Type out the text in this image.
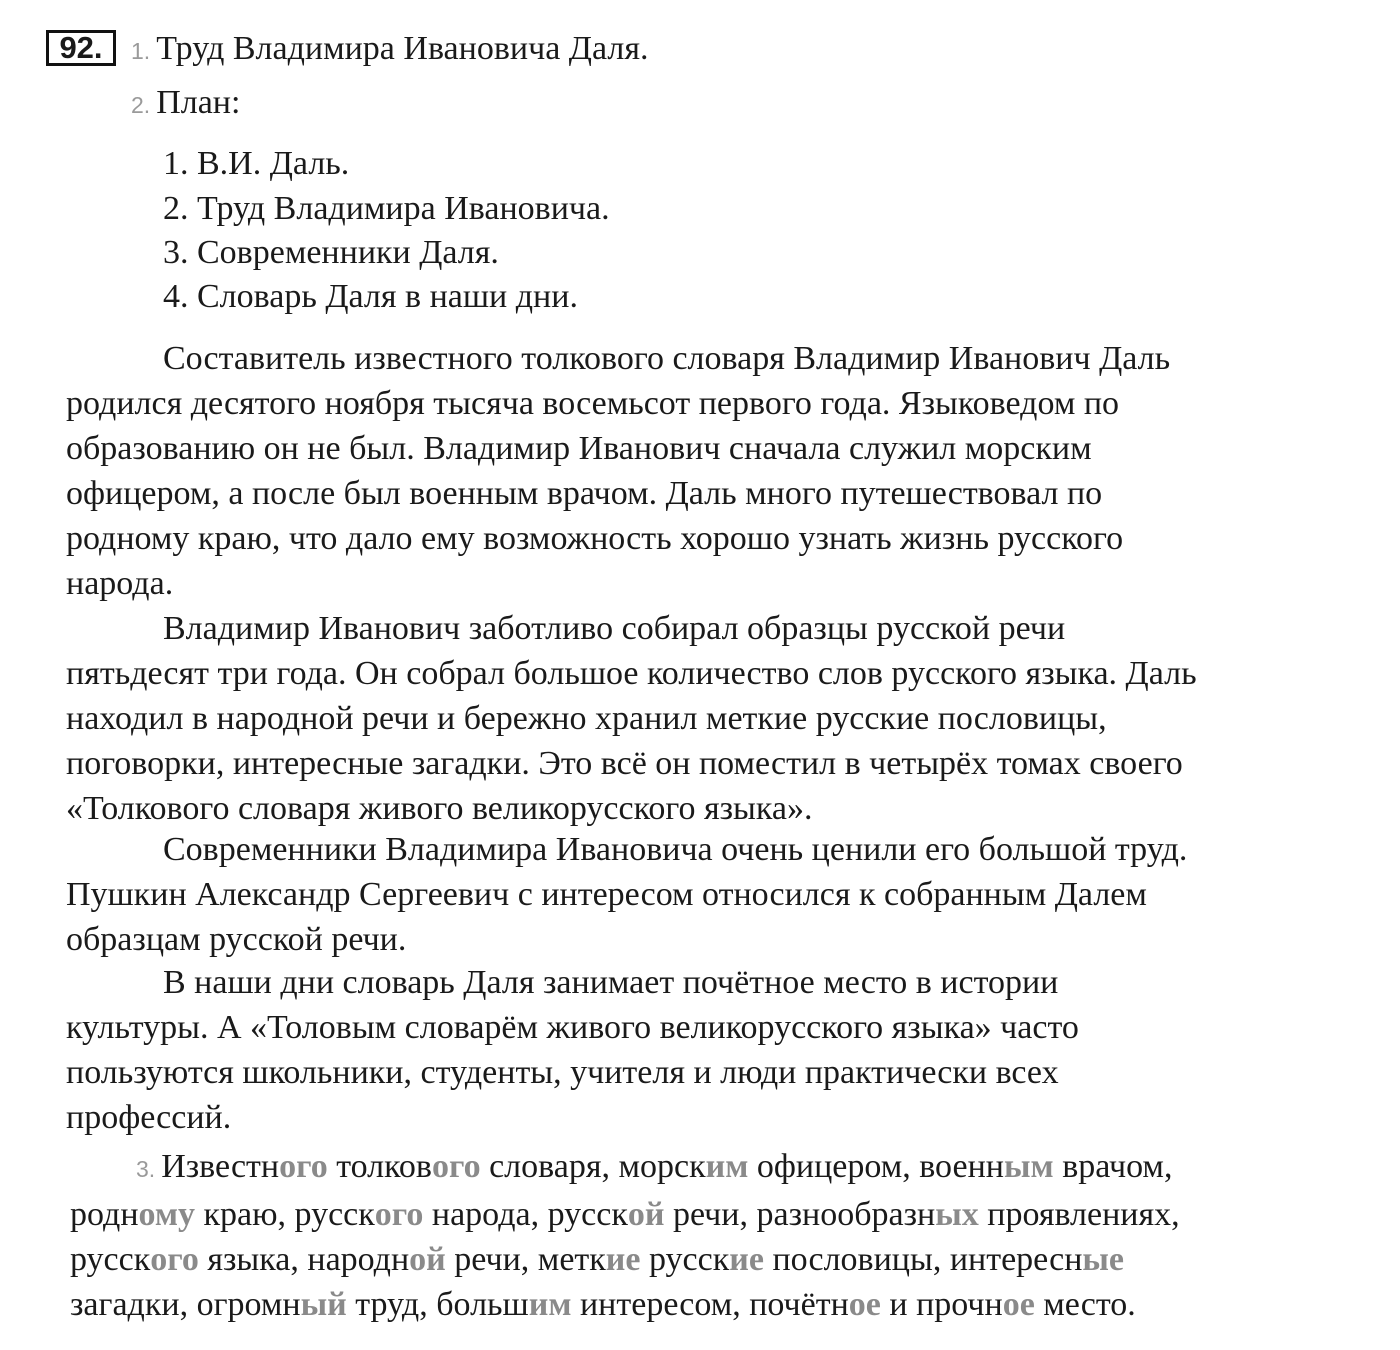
92.	1. Труд Владимира Ивановича Даля.
2. План:
1. В.И. Даль.
2. Труд Владимира Ивановича.
3. Современники Даля.
4. Словарь Даля в наши дни.
Составитель известного толкового словаря Владимир Иванович Даль
родился десятого ноября тысяча восемьсот первого года. Языковедом по
образованию он не был. Владимир Иванович сначала служил морским
офицером, а после был военным врачом. Даль много путешествовал по
родному краю, что дало ему возможность хорошо узнать жизнь русского
народа.
Владимир Иванович заботливо собирал образцы русской речи
пятьдесят три года. Он собрал большое количество слов русского языка. Даль
находил в народной речи и бережно хранил меткие русские пословицы,
поговорки, интересные загадки. Это всё он поместил в четырёх томах своего
«Толкового словаря живого великорусского языка».
Современники Владимира Ивановича очень ценили его большой труд.
Пушкин Александр Сергеевич с интересом относился к собранным Далем
образцам русской речи.
В наши дни словарь Даля занимает почётное место в истории
культуры. А «Толовым словарём живого великорусского языка» часто
пользуются школьники, студенты, учителя и люди практически всех
профессий.
3. Известного толкового словаря, морским офицером, военным врачом,
родному краю, русского народа, русской речи, разнообразных проявлениях,
русского языка, народной речи, меткие русские пословицы, интересные
загадки, огромный труд, большим интересом, почётное и прочное место.
